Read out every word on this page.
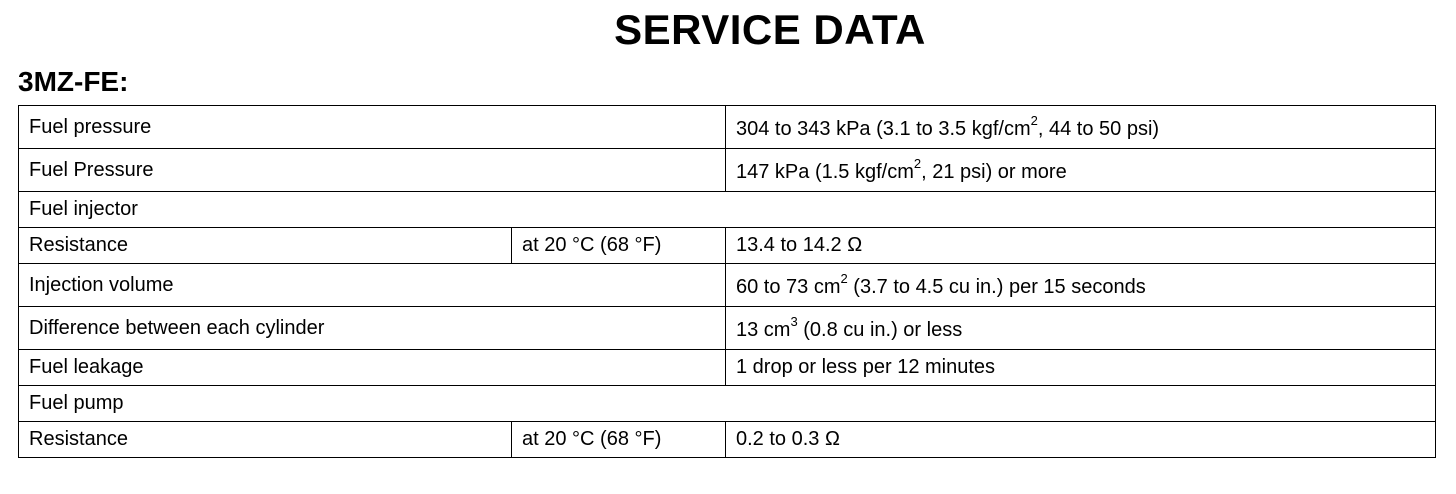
SERVICE DATA
3MZ-FE:
Fuel pressure		304 to 343 kPa (3.1 to 3.5 kgf/$cm^2$, 44 to 50 psi)
Fuel Pressure		147 kPa (1.5 kgf/$cm^2$, 21 psi) or more
Fuel injector		
Resistance	at 20 °C (68 °F)	13.4 to 14.2 Ω
Injection volume		60 to 73 $cm^2$ (3.7 to 4.5 cu in.) per 15 seconds
Difference between each cylinder		13 $cm^3$ (0.8 cu in.) or less
Fuel leakage		1 drop or less per 12 minutes
Fuel pump		
Resistance	at 20 °C (68 °F)	0.2 to 0.3 Ω
